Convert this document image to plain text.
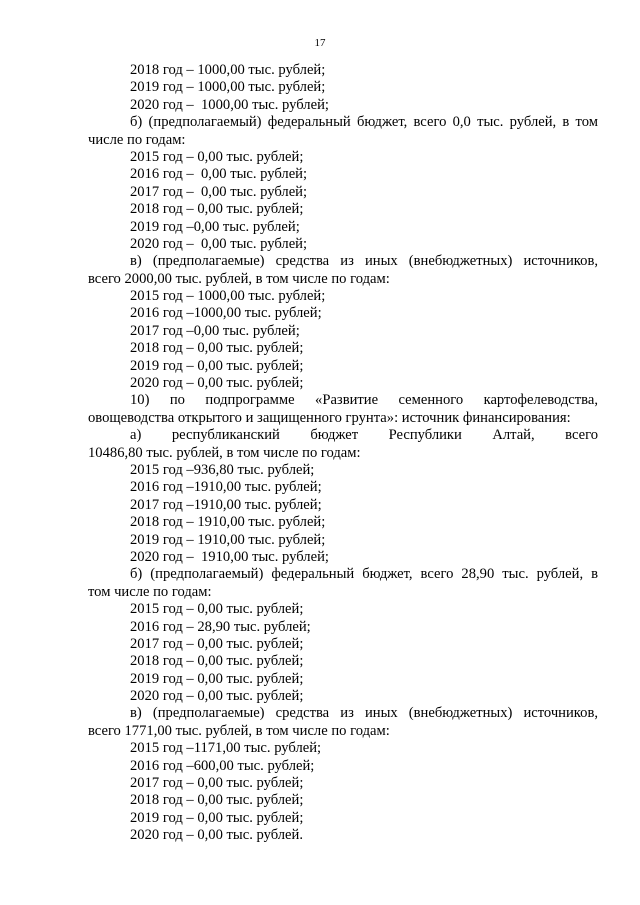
17
2018 год – 1000,00 тыс. рублей;
2019 год – 1000,00 тыс. рублей;
2020 год –  1000,00 тыс. рублей;
б) (предполагаемый) федеральный бюджет, всего 0,0 тыс. рублей, в том
числе по годам:
2015 год – 0,00 тыс. рублей;
2016 год –  0,00 тыс. рублей;
2017 год –  0,00 тыс. рублей;
2018 год – 0,00 тыс. рублей;
2019 год –0,00 тыс. рублей;
2020 год –  0,00 тыс. рублей;
в) (предполагаемые) средства из иных (внебюджетных) источников,
всего 2000,00 тыс. рублей, в том числе по годам:
2015 год – 1000,00 тыс. рублей;
2016 год –1000,00 тыс. рублей;
2017 год –0,00 тыс. рублей;
2018 год – 0,00 тыс. рублей;
2019 год – 0,00 тыс. рублей;
2020 год – 0,00 тыс. рублей;
10) по подпрограмме «Развитие семенного картофелеводства,
овощеводства открытого и защищенного грунта»: источник финансирования:
а) республиканский бюджет Республики Алтай, всего
10486,80 тыс. рублей, в том числе по годам:
2015 год –936,80 тыс. рублей;
2016 год –1910,00 тыс. рублей;
2017 год –1910,00 тыс. рублей;
2018 год – 1910,00 тыс. рублей;
2019 год – 1910,00 тыс. рублей;
2020 год –  1910,00 тыс. рублей;
б) (предполагаемый) федеральный бюджет, всего 28,90 тыс. рублей, в
том числе по годам:
2015 год – 0,00 тыс. рублей;
2016 год – 28,90 тыс. рублей;
2017 год – 0,00 тыс. рублей;
2018 год – 0,00 тыс. рублей;
2019 год – 0,00 тыс. рублей;
2020 год – 0,00 тыс. рублей;
в) (предполагаемые) средства из иных (внебюджетных) источников,
всего 1771,00 тыс. рублей, в том числе по годам:
2015 год –1171,00 тыс. рублей;
2016 год –600,00 тыс. рублей;
2017 год – 0,00 тыс. рублей;
2018 год – 0,00 тыс. рублей;
2019 год – 0,00 тыс. рублей;
2020 год – 0,00 тыс. рублей.
